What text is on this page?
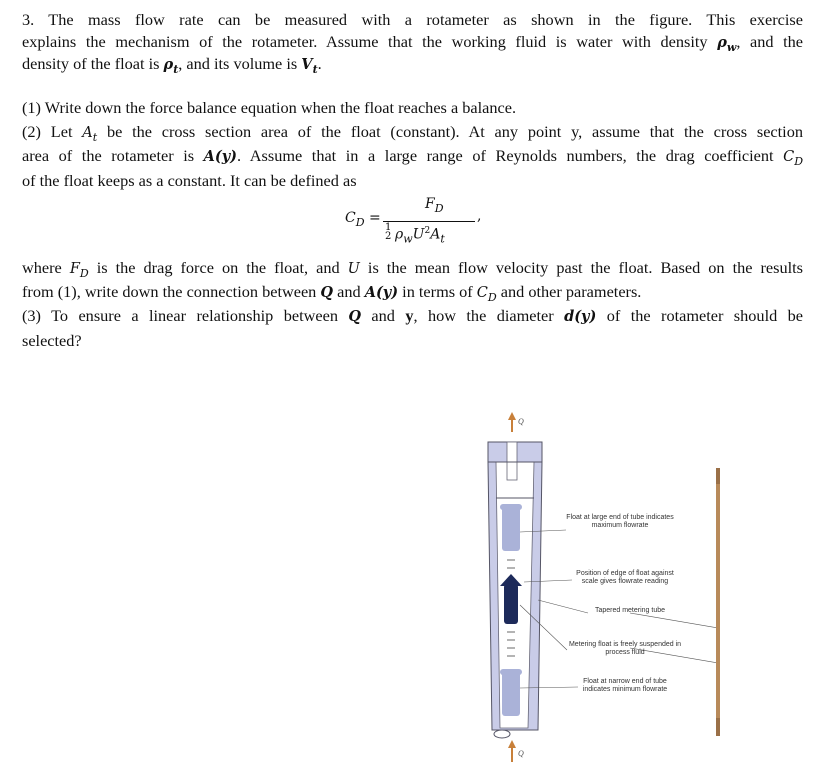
3. The mass flow rate can be measured with a rotameter as shown in the figure. This exercise
explains the mechanism of the rotameter. Assume that the working fluid is water with density $\rho_w$, and the
density of the float is $\rho_t$, and its volume is $V_t$.
(1) Write down the force balance equation when the float reaches a balance.
(2) Let $A_t$ be the cross section area of the float (constant). At any point y, assume that the cross section
area of the rotameter is A(y). Assume that in a large range of Reynolds numbers, the drag coefficient $C_D$
of the float keeps as a constant. It can be defined as
where $F_D$ is the drag force on the float, and U is the mean flow velocity past the float. Based on the results
from (1), write down the connection between Q and A(y) in terms of $C_D$ and other parameters.
(3) To ensure a linear relationship between Q and y, how the diameter d(y) of the rotameter should be
selected?
$C_D$ =
$F_D$ ,
1
2 $\rho_wU^2A_t$
Q
Q
Float at large end of tube indicates maximum flowrate
Position of edge of float against scale gives flowrate reading
Tapered metering tube
Metering float is freely suspended in process fluid
Float at narrow end of tube indicates minimum flowrate
